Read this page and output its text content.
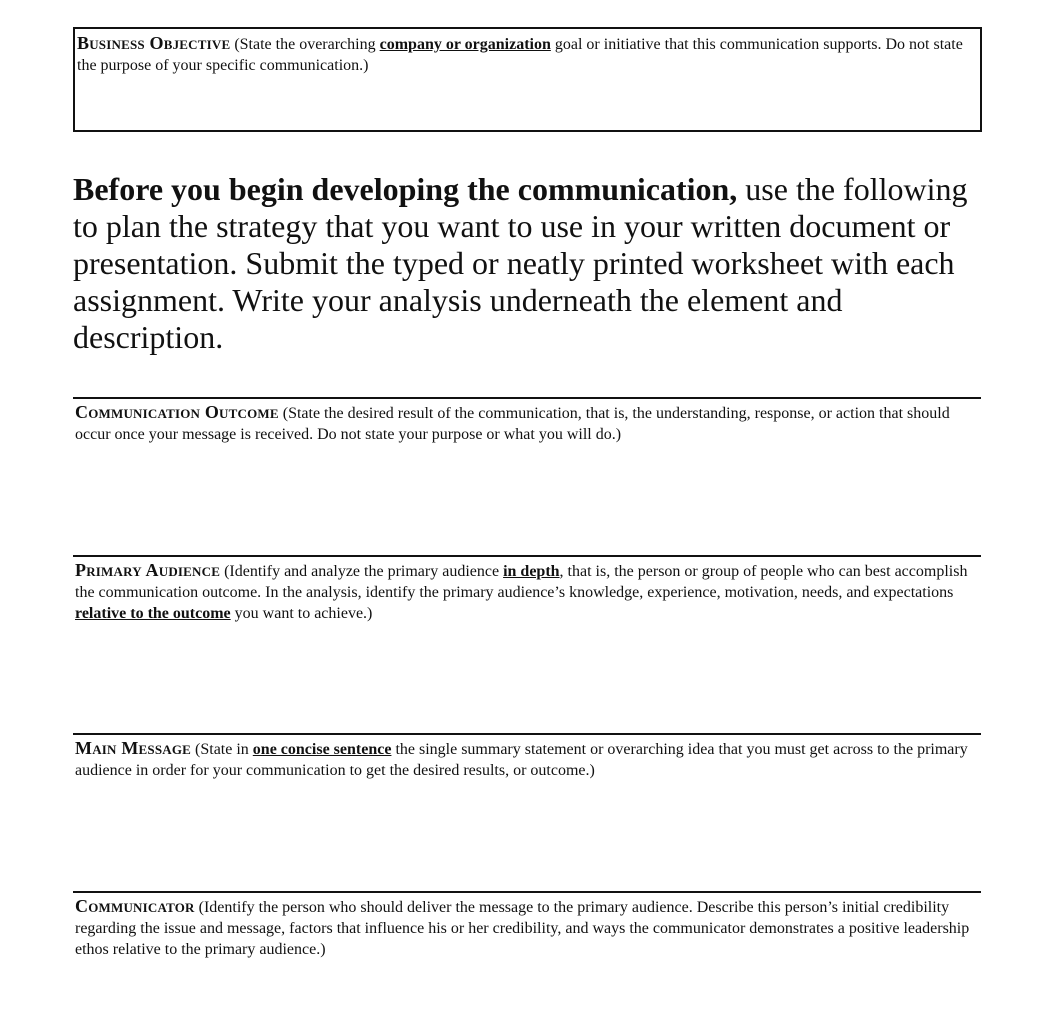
Business Objective (State the overarching company or organization goal or initiative that this communication supports. Do not state the purpose of your specific communication.)

Before you begin developing the communication, use the following to plan the strategy that you want to use in your written document or presentation. Submit the typed or neatly printed worksheet with each assignment. Write your analysis underneath the element and description.

Communication Outcome (State the desired result of the communication, that is, the understanding, response, or action that should occur once your message is received. Do not state your purpose or what you will do.)

Primary Audience (Identify and analyze the primary audience in depth, that is, the person or group of people who can best accomplish the communication outcome. In the analysis, identify the primary audience’s knowledge, experience, motivation, needs, and expectations relative to the outcome you want to achieve.)

Main Message (State in one concise sentence the single summary statement or overarching idea that you must get across to the primary audience in order for your communication to get the desired results, or outcome.)

Communicator (Identify the person who should deliver the message to the primary audience. Describe this person’s initial credibility regarding the issue and message, factors that influence his or her credibility, and ways the communicator demonstrates a positive leadership ethos relative to the primary audience.)
